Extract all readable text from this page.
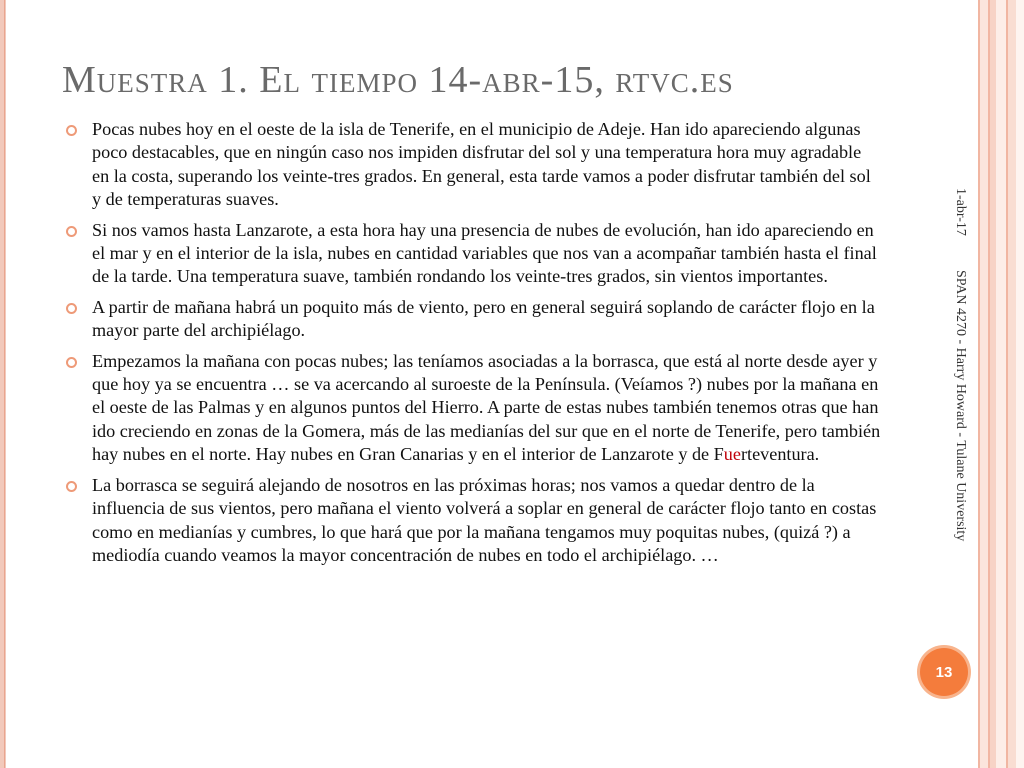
Muestra 1. El tiempo 14-abr-15, rtvc.es
Pocas nubes hoy en el oeste de la isla de Tenerife, en el municipio de Adeje. Han ido apareciendo algunas poco destacables, que en ningún caso nos impiden disfrutar del sol y una temperatura hora muy agradable en la costa, superando los veinte-tres grados. En general, esta tarde vamos a poder disfrutar también del sol y de temperaturas suaves.
Si nos vamos hasta Lanzarote, a esta hora hay una presencia de nubes de evolución, han ido apareciendo en el mar y en el interior de la isla, nubes en cantidad variables que nos van a acompañar también hasta el final de la tarde. Una temperatura suave, también rondando los veinte-tres grados, sin vientos importantes.
A partir de mañana habrá un poquito más de viento, pero en general seguirá soplando de carácter flojo en la mayor parte del archipiélago.
Empezamos la mañana con pocas nubes; las teníamos asociadas a la borrasca, que está al norte desde ayer y que hoy ya se encuentra … se va acercando al suroeste de la Península. (Veíamos ?) nubes por la mañana en el oeste de las Palmas y en algunos puntos del Hierro. A parte de estas nubes también tenemos otras que han ido creciendo en zonas de la Gomera, más de las medianías del sur que en el norte de Tenerife, pero también hay nubes en el norte. Hay nubes en Gran Canarias y en el interior de Lanzarote y de Fuerteventura.
La borrasca se seguirá alejando de nosotros en las próximas horas; nos vamos a quedar dentro de la influencia de sus vientos, pero mañana el viento volverá a soplar en general de carácter flojo tanto en costas como en medianías y cumbres, lo que hará que por la mañana tengamos muy poquitas nubes, (quizá ?) a mediodía cuando veamos la mayor concentración de nubes en todo el archipiélago. …
1-abr-17
SPAN 4270 - Harry Howard - Tulane University
13
